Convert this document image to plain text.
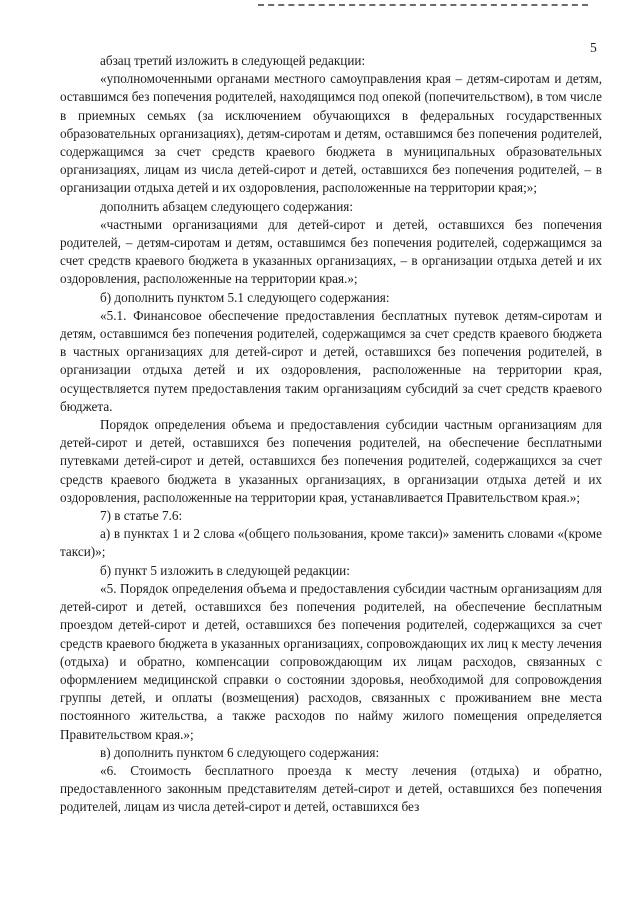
5

абзац третий изложить в следующей редакции:

«уполномоченными органами местного самоуправления края – детям-сиротам и детям, оставшимся без попечения родителей, находящимся под опекой (попечительством), в том числе в приемных семьях (за исключением обучающихся в федеральных государственных образовательных организациях), детям-сиротам и детям, оставшимся без попечения родителей, содержащимся за счет средств краевого бюджета в муниципальных образовательных организациях, лицам из числа детей-сирот и детей, оставшихся без попечения родителей, – в организации отдыха детей и их оздоровления, расположенные на территории края;»;

дополнить абзацем следующего содержания:

«частными организациями для детей-сирот и детей, оставшихся без попечения родителей, – детям-сиротам и детям, оставшимся без попечения родителей, содержащимся за счет средств краевого бюджета в указанных организациях, – в организации отдыха детей и их оздоровления, расположенные на территории края.»;

б) дополнить пунктом 5.1 следующего содержания:

«5.1. Финансовое обеспечение предоставления бесплатных путевок детям-сиротам и детям, оставшимся без попечения родителей, содержащимся за счет средств краевого бюджета в частных организациях для детей-сирот и детей, оставшихся без попечения родителей, в организации отдыха детей и их оздоровления, расположенные на территории края, осуществляется путем предоставления таким организациям субсидий за счет средств краевого бюджета.

Порядок определения объема и предоставления субсидии частным организациям для детей-сирот и детей, оставшихся без попечения родителей, на обеспечение бесплатными путевками детей-сирот и детей, оставшихся без попечения родителей, содержащихся за счет средств краевого бюджета в указанных организациях, в организации отдыха детей и их оздоровления, расположенные на территории края, устанавливается Правительством края.»;

7) в статье 7.6:

а) в пунктах 1 и 2 слова «(общего пользования, кроме такси)» заменить словами «(кроме такси)»;

б) пункт 5 изложить в следующей редакции:

«5. Порядок определения объема и предоставления субсидии частным организациям для детей-сирот и детей, оставшихся без попечения родителей, на обеспечение бесплатным проездом детей-сирот и детей, оставшихся без попечения родителей, содержащихся за счет средств краевого бюджета в указанных организациях, сопровождающих их лиц к месту лечения (отдыха) и обратно, компенсации сопровождающим их лицам расходов, связанных с оформлением медицинской справки о состоянии здоровья, необходимой для сопровождения группы детей, и оплаты (возмещения) расходов, связанных с проживанием вне места постоянного жительства, а также расходов по найму жилого помещения определяется Правительством края.»;

в) дополнить пунктом 6 следующего содержания:

«6. Стоимость бесплатного проезда к месту лечения (отдыха) и обратно, предоставленного законным представителям детей-сирот и детей, оставшихся без попечения родителей, лицам из числа детей-сирот и детей, оставшихся без
